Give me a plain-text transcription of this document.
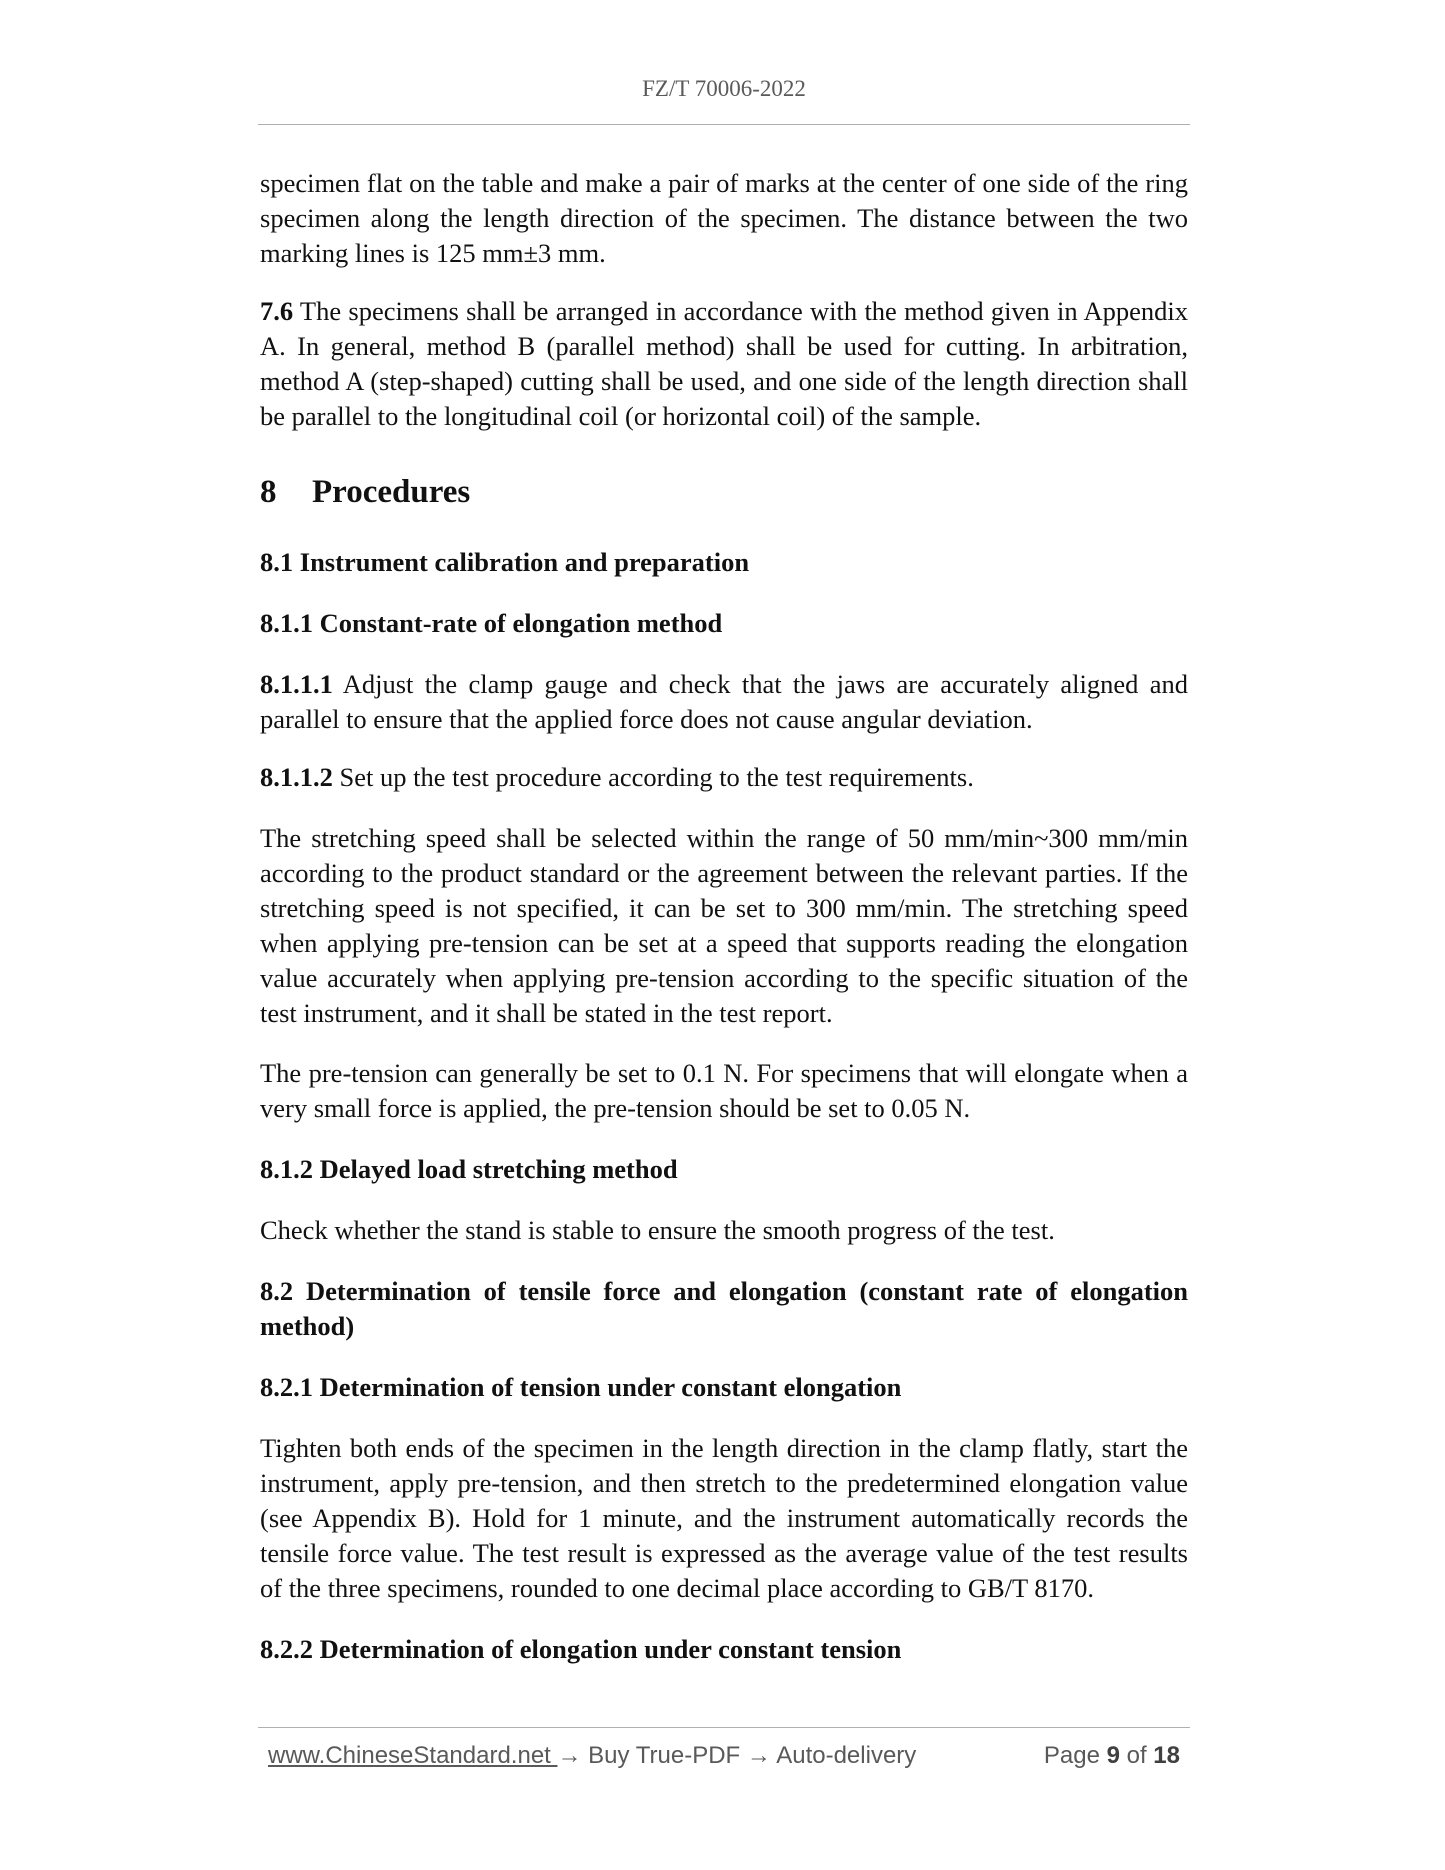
FZ/T 70006-2022

specimen flat on the table and make a pair of marks at the center of one side of the ring specimen along the length direction of the specimen. The distance between the two marking lines is 125 mm±3 mm.

7.6 The specimens shall be arranged in accordance with the method given in Appendix A. In general, method B (parallel method) shall be used for cutting. In arbitration, method A (step-shaped) cutting shall be used, and one side of the length direction shall be parallel to the longitudinal coil (or horizontal coil) of the sample.

8 Procedures
8.1 Instrument calibration and preparation
8.1.1 Constant-rate of elongation method

8.1.1.1 Adjust the clamp gauge and check that the jaws are accurately aligned and parallel to ensure that the applied force does not cause angular deviation.

8.1.1.2 Set up the test procedure according to the test requirements.

The stretching speed shall be selected within the range of 50 mm/min~300 mm/min according to the product standard or the agreement between the relevant parties. If the stretching speed is not specified, it can be set to 300 mm/min. The stretching speed when applying pre-tension can be set at a speed that supports reading the elongation value accurately when applying pre-tension according to the specific situation of the test instrument, and it shall be stated in the test report.

The pre-tension can generally be set to 0.1 N. For specimens that will elongate when a very small force is applied, the pre-tension should be set to 0.05 N.

8.1.2 Delayed load stretching method

Check whether the stand is stable to ensure the smooth progress of the test.

8.2 Determination of tensile force and elongation (constant rate of elongation method)
8.2.1 Determination of tension under constant elongation

Tighten both ends of the specimen in the length direction in the clamp flatly, start the instrument, apply pre-tension, and then stretch to the predetermined elongation value (see Appendix B). Hold for 1 minute, and the instrument automatically records the tensile force value. The test result is expressed as the average value of the test results of the three specimens, rounded to one decimal place according to GB/T 8170.

8.2.2 Determination of elongation under constant tension
www.ChineseStandard.net → Buy True-PDF → Auto-delivery	Page 9 of 18
